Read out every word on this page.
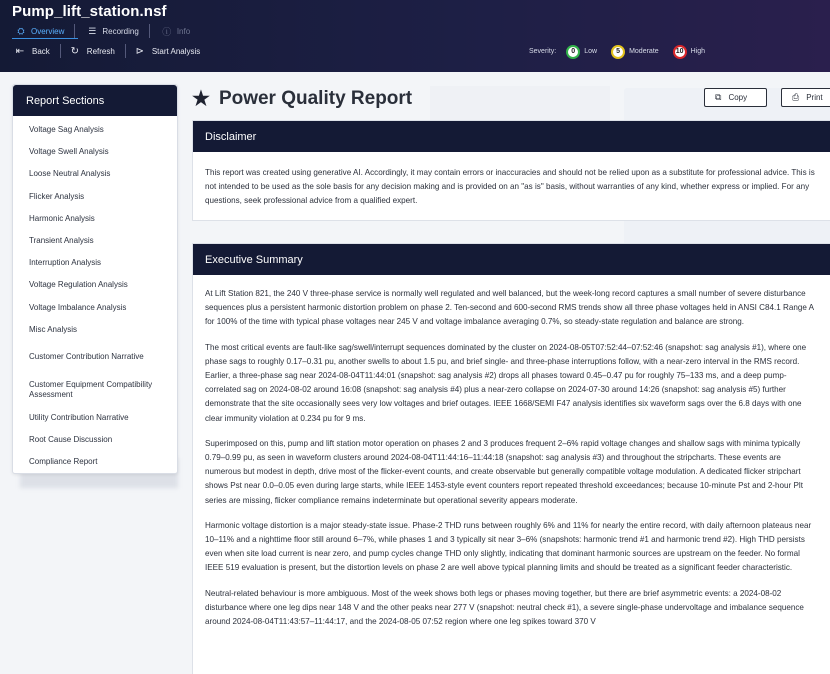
Pump_lift_station.nsf
⛭ Overview	☰ Recording	ⓘ Info
⇤ Back ↻ Refresh ⊳ Start Analysis	Severity:	0	Low	5	Moderate	10	High
Report Sections
Voltage Sag Analysis
Voltage Swell Analysis
Loose Neutral Analysis
Flicker Analysis
Harmonic Analysis
Transient Analysis
Interruption Analysis
Voltage Regulation Analysis
Voltage Imbalance Analysis
Misc Analysis
Customer Contribution Narrative
Customer Equipment Compatibility Assessment
Utility Contribution Narrative
Root Cause Discussion
Compliance Report
★ Power Quality Report	⧉ Copy	⎙ Print
Disclaimer

This report was created using generative AI. Accordingly, it may contain errors or inaccuracies and should not be relied upon as a substitute for professional advice. This is not intended to be used as the sole basis for any decision making and is provided on an "as is" basis, without warranties of any kind, whether express or implied. For any questions, seek professional advice from a qualified expert.

Executive Summary

At Lift Station 821, the 240 V three-phase service is normally well regulated and well balanced, but the week-long record captures a small number of severe disturbance sequences plus a persistent harmonic distortion problem on phase 2. Ten-second and 600-second RMS trends show all three phase voltages held in ANSI C84.1 Range A for 100% of the time with typical phase voltages near 245 V and voltage imbalance averaging 0.7%, so steady-state regulation and balance are strong.

The most critical events are fault-like sag/swell/interrupt sequences dominated by the cluster on 2024-08-05T07:52:44–07:52:46 (snapshot: sag analysis #1), where one phase sags to roughly 0.17–0.31 pu, another swells to about 1.5 pu, and brief single- and three-phase interruptions follow, with a near-zero interval in the RMS record. Earlier, a three-phase sag near 2024-08-04T11:44:01 (snapshot: sag analysis #2) drops all phases toward 0.45–0.47 pu for roughly 75–133 ms, and a deep pump-correlated sag on 2024-08-02 around 16:08 (snapshot: sag analysis #4) plus a near-zero collapse on 2024-07-30 around 14:26 (snapshot: sag analysis #5) further demonstrate that the site occasionally sees very low voltages and brief outages. IEEE 1668/SEMI F47 analysis identifies six waveform sags over the 6.8 days with one clear immunity violation at 0.234 pu for 9 ms.

Superimposed on this, pump and lift station motor operation on phases 2 and 3 produces frequent 2–6% rapid voltage changes and shallow sags with minima typically 0.79–0.99 pu, as seen in waveform clusters around 2024-08-04T11:44:16–11:44:18 (snapshot: sag analysis #3) and throughout the stripcharts. These events are numerous but modest in depth, drive most of the flicker-event counts, and create observable but generally compatible voltage modulation. A dedicated flicker stripchart shows Pst near 0.0–0.05 even during large starts, while IEEE 1453-style event counters report repeated threshold exceedances; because 10-minute Pst and 2-hour Plt series are missing, flicker compliance remains indeterminate but operational severity appears moderate.

Harmonic voltage distortion is a major steady-state issue. Phase-2 THD runs between roughly 6% and 11% for nearly the entire record, with daily afternoon plateaus near 10–11% and a nighttime floor still around 6–7%, while phases 1 and 3 typically sit near 3–6% (snapshots: harmonic trend #1 and harmonic trend #2). High THD persists even when site load current is near zero, and pump cycles change THD only slightly, indicating that dominant harmonic sources are upstream on the feeder. No formal IEEE 519 evaluation is present, but the distortion levels on phase 2 are well above typical planning limits and should be treated as a significant feeder characteristic.

Neutral-related behaviour is more ambiguous. Most of the week shows both legs or phases moving together, but there are brief asymmetric events: a 2024-08-02 disturbance where one leg dips near 148 V and the other peaks near 277 V (snapshot: neutral check #1), a severe single-phase undervoltage and imbalance sequence around 2024-08-04T11:43:57–11:44:17, and the 2024-08-05 07:52 region where one leg spikes toward 370 V
